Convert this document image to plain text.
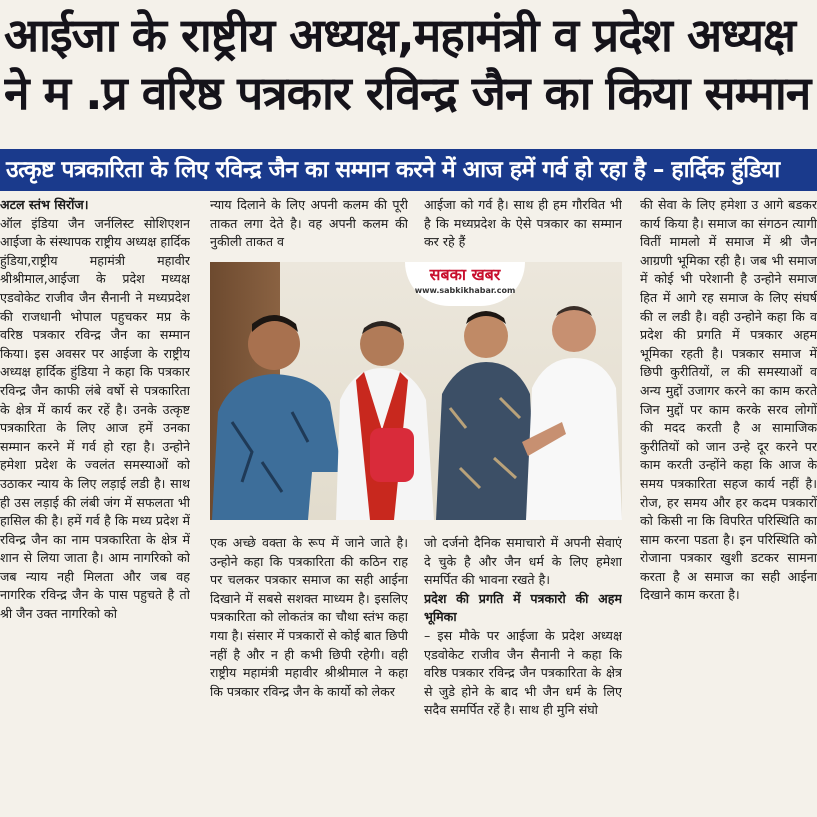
आईजा के राष्ट्रीय अध्यक्ष,महामंत्री व प्रदेश अध्यक्ष
ने म .प्र वरिष्ठ पत्रकार रविन्द्र जैन का किया सम्मान
उत्कृष्ट पत्रकारिता के लिए रविन्द्र जैन का सम्मान करने में आज हमें गर्व हो रहा है – हार्दिक हुंडिया

अटल स्तंभ सिरोंज।

ऑल इंडिया जैन जर्नलिस्ट सोशिएशन आईजा के संस्थापक राष्ट्रीय अध्यक्ष हार्दिक हुंडिया,राष्ट्रीय महामंत्री महावीर श्रीश्रीमाल,आईजा के प्रदेश मध्यक्ष एडवोकेट राजीव जैन सैनानी ने मध्यप्रदेश की राजधानी भोपाल पहुचकर मप्र के वरिष्ठ पत्रकार रविन्द्र जैन का सम्मान किया। इस अवसर पर आईजा के राष्ट्रीय अध्यक्ष हार्दिक हुंडिया ने कहा कि पत्रकार रविन्द्र जैन काफी लंबे वर्षो से पत्रकारिता के क्षेत्र में कार्य कर रहें है। उनके उत्कृष्ट पत्रकारिता के लिए आज हमें उनका सम्मान करने में गर्व हो रहा है। उन्होने हमेशा प्रदेश के ज्वलंत समस्याओं को उठाकर न्याय के लिए लड़ाई लडी है। साथ ही उस लड़ाई की लंबी जंग में सफलता भी हासिल की है। हमें गर्व है कि मध्य प्रदेश में रविन्द्र जैन का नाम पत्रकारिता के क्षेत्र में शान से लिया जाता है। आम नागरिको को जब न्याय नही मिलता और जब वह नागरिक रविन्द्र जैन के पास पहुचते है तो श्री जैन उक्त नागरिको को

न्याय दिलाने के लिए अपनी कलम की पूरी ताकत लगा देते है। वह अपनी कलम की नुकीली ताकत व

आईजा को गर्व है। साथ ही हम गौरवित भी है कि मध्यप्रदेश के ऐसे पत्रकार का सम्मान कर रहे हैं

की सेवा के लिए हमेशा उ आगे बडकर कार्य किया है। समाज का संगठन त्यागी वितीं मामलो में समाज में श्री जैन आग्रणी भूमिका रही है। जब भी समाज में कोई भी परेशानी है उन्होने समाज हित में आगे रह समाज के लिए संघर्ष की ल लडी है। वही उन्होने कहा कि व प्रदेश की प्रगति में पत्रकार अहम भूमिका रहती है। पत्रकार समाज में छिपी कुरीतियों, ल की समस्याओं व अन्य मुद्दों उजागर करने का काम करते जिन मुद्दों पर काम करके सरव लोगों की मदद करती है अ सामाजिक कुरीतियों को जान उन्हे दूर करने पर काम करती उन्होंने कहा कि आज के समय पत्रकारिता सहज कार्य नहीं है। रोज, हर समय और हर कदम पत्रकारों को किसी ना कि विपरित परिस्थिति का साम करना पडता है। इन परिस्थिति को रोजाना पत्रकार खुशी डटकर सामना करता है अ समाज का सही आईना दिखाने काम करता है।

एक अच्छे वक्ता के रूप में जाने जाते है। उन्होने कहा कि पत्रकारिता की कठिन राह पर चलकर पत्रकार समाज का सही आईना दिखाने में सबसे सशक्त माध्यम है। इसलिए पत्रकारिता को लोकतंत्र का चौथा स्तंभ कहा गया है। संसार में पत्रकारों से कोई बात छिपी नहीं है और न ही कभी छिपी रहेगी। वही राष्ट्रीय महामंत्री महावीर श्रीश्रीमाल ने कहा कि पत्रकार रविन्द्र जैन के कार्यो को लेकर

जो दर्जनो दैनिक समाचारो में अपनी सेवाएं दे चुके है और जैन धर्म के लिए हमेशा समर्पित की भावना रखते है।

प्रदेश की प्रगति में पत्रकारो की अहम भूमिका

– इस मौके पर आईजा के प्रदेश अध्यक्ष एडवोकेट राजीव जैन सैनानी ने कहा कि वरिष्ठ पत्रकार रविन्द्र जैन पत्रकारिता के क्षेत्र से जुडे होने के बाद भी जैन धर्म के लिए सदैव समर्पित रहें है। साथ ही मुनि संघो

सबका खबर
www.sabkikhabar.com
